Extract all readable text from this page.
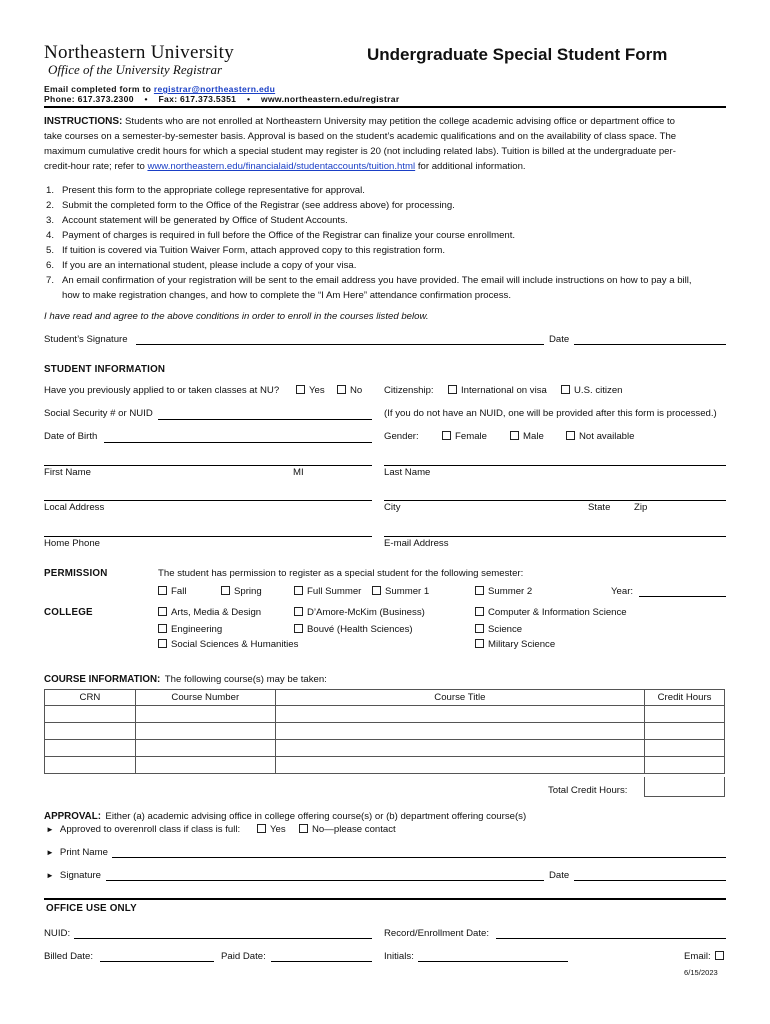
Northeastern University
Office of the University Registrar
Undergraduate Special Student Form
Email completed form to registrar@northeastern.edu
Phone: 617.373.2300 • Fax: 617.373.5351 • www.northeastern.edu/registrar
INSTRUCTIONS: Students who are not enrolled at Northeastern University may petition the college academic advising office or department office to
take courses on a semester-by-semester basis. Approval is based on the student’s academic qualifications and on the availability of class space. The
maximum cumulative credit hours for which a special student may register is 20 (not including related labs). Tuition is billed at the undergraduate per-
credit-hour rate; refer to www.northeastern.edu/financialaid/studentaccounts/tuition.html for additional information.
1. Present this form to the appropriate college representative for approval.
2. Submit the completed form to the Office of the Registrar (see address above) for processing.
3. Account statement will be generated by Office of Student Accounts.
4. Payment of charges is required in full before the Office of the Registrar can finalize your course enrollment.
5. If tuition is covered via Tuition Waiver Form, attach approved copy to this registration form.
6. If you are an international student, please include a copy of your visa.
7. An email confirmation of your registration will be sent to the email address you have provided. The email will include instructions on how to pay a bill,
how to make registration changes, and how to complete the “I Am Here” attendance confirmation process.
I have read and agree to the above conditions in order to enroll in the courses listed below.
Student’s Signature	Date
STUDENT INFORMATION
Have you previously applied to or taken classes at NU?	Yes	No Citizenship:	International on visa	U.S. citizen
Social Security # or NUID	(If you do not have an NUID, one will be provided after this form is processed.)
Date of Birth	Gender:	Female	Male	Not available
First Name	MI	Last Name
Local Address	City	State Zip
Home Phone	E-mail Address
PERMISSION	The student has permission to register as a special student for the following semester:
Fall	Spring	Full Summer	Summer 1	Summer 2	Year:
COLLEGE	Arts, Media & Design	D’Amore-McKim (Business)	Computer & Information Science
Engineering	Bouvé (Health Sciences)	Science
Social Sciences & Humanities	Military Science
COURSE INFORMATION: The following course(s) may be taken:
CRN	Course Number	Course Title	Credit Hours

Total Credit Hours:
APPROVAL: Either (a) academic advising office in college offering course(s) or (b) department offering course(s)
► Approved to overenroll class if class is full:	Yes	No—please contact
► Print Name
► Signature	Date
OFFICE USE ONLY
NUID:	Record/Enrollment Date:
Billed Date:	Paid Date:	Initials:	Email:
6/15/2023
